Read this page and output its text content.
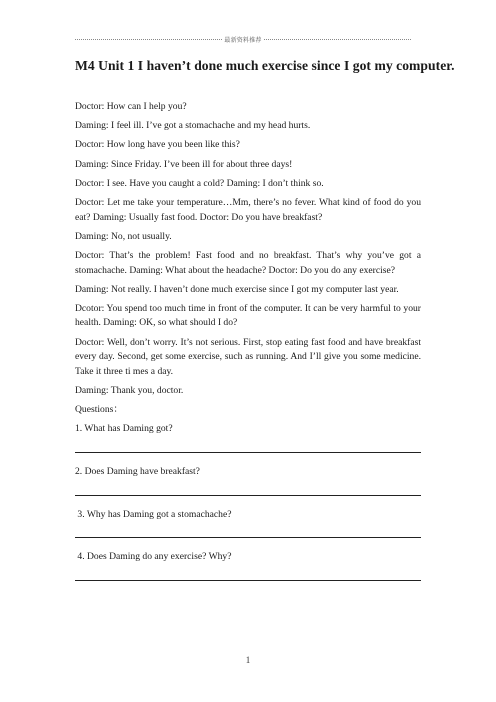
最新资料推荐
M4 Unit 1 I haven’t done much exercise since I got my computer.

Doctor: How can I help you?

Daming: I feel ill. I’ve got a stomachache and my head hurts.

Doctor: How long have you been like this?

Daming: Since Friday. I’ve been ill for about three days!

Doctor: I see. Have you caught a cold? Daming: I don’t think so.

Doctor: Let me take your temperature…Mm, there’s no fever. What kind of food do you eat? Daming: Usually fast food. Doctor: Do you have breakfast?

Daming: No, not usually.

Doctor: That’s the problem! Fast food and no breakfast. That’s why you’ve got a stomachache. Daming: What about the headache? Doctor: Do you do any exercise?

Daming: Not really. I haven’t done much exercise since I got my computer last year.

Dcotor: You spend too much time in front of the computer. It can be very harmful to your health. Daming: OK, so what should I do?

Doctor: Well, don’t worry. It’s not serious. First, stop eating fast food and have breakfast every day. Second, get some exercise, such as running. And I’ll give you some medicine. Take it three ti mes a day.

Daming: Thank you, doctor.

Questions：

1. What has Daming got?

2. Does Daming have breakfast?

3. Why has Daming got a stomachache?

4. Does Daming do any exercise? Why?

1
